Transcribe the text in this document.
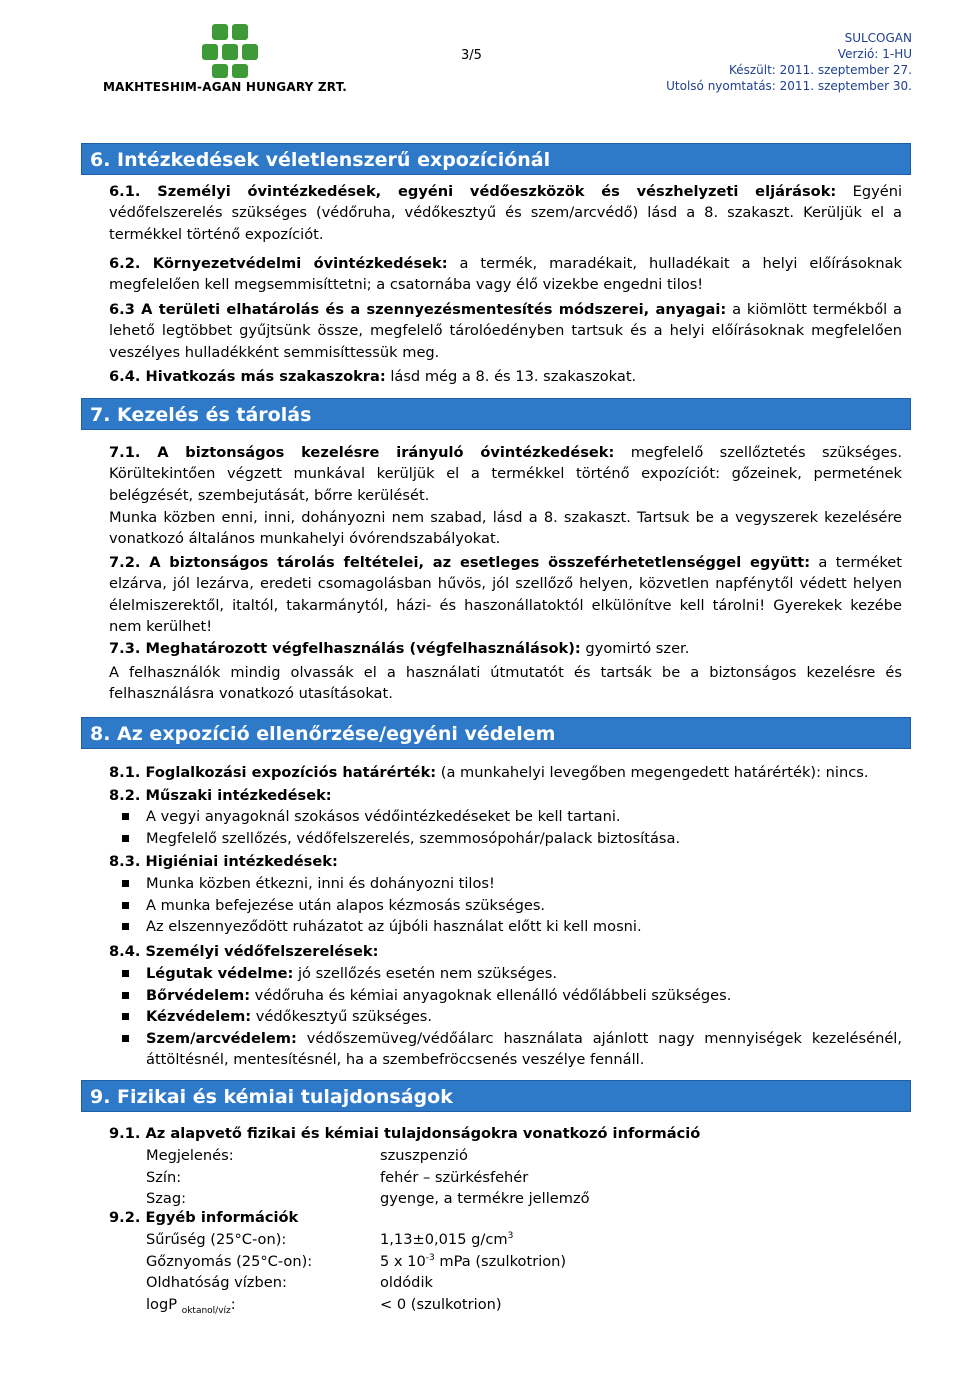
MAKHTESHIM-AGAN HUNGARY ZRT.
3/5
SULCOGAN
Verzió: 1-HU
Készült: 2011. szeptember 27.
Utolsó nyomtatás: 2011. szeptember 30.
6. Intézkedések véletlenszerű expozíciónál
6.1. Személyi óvintézkedések, egyéni védőeszközök és vészhelyzeti eljárások: Egyéni védőfelszerelés szükséges (védőruha, védőkesztyű és szem/arcvédő) lásd a 8. szakaszt. Kerüljük el a termékkel történő expozíciót.
6.2. Környezetvédelmi óvintézkedések: a termék, maradékait, hulladékait a helyi előírásoknak megfelelően kell megsemmisíttetni; a csatornába vagy élő vizekbe engedni tilos!
6.3 A területi elhatárolás és a szennyezésmentesítés módszerei, anyagai: a kiömlött termékből a lehető legtöbbet gyűjtsünk össze, megfelelő tárolóedényben tartsuk és a helyi előírásoknak megfelelően veszélyes hulladékként semmisíttessük meg.
6.4. Hivatkozás más szakaszokra: lásd még a 8. és 13. szakaszokat.
7. Kezelés és tárolás
7.1. A biztonságos kezelésre irányuló óvintézkedések: megfelelő szellőztetés szükséges. Körültekintően végzett munkával kerüljük el a termékkel történő expozíciót: gőzeinek, permetének belégzését, szembejutását, bőrre kerülését.
Munka közben enni, inni, dohányozni nem szabad, lásd a 8. szakaszt. Tartsuk be a vegyszerek kezelésére vonatkozó általános munkahelyi óvórendszabályokat.
7.2. A biztonságos tárolás feltételei, az esetleges összeférhetetlenséggel együtt: a terméket elzárva, jól lezárva, eredeti csomagolásban hűvös, jól szellőző helyen, közvetlen napfénytől védett helyen élelmiszerektől, italtól, takarmánytól, házi- és haszonállatoktól elkülönítve kell tárolni! Gyerekek kezébe nem kerülhet!
7.3. Meghatározott végfelhasználás (végfelhasználások): gyomirtó szer.
A felhasználók mindig olvassák el a használati útmutatót és tartsák be a biztonságos kezelésre és felhasználásra vonatkozó utasításokat.
8. Az expozíció ellenőrzése/egyéni védelem
8.1. Foglalkozási expozíciós határérték: (a munkahelyi levegőben megengedett határérték): nincs.
8.2. Műszaki intézkedések:
A vegyi anyagoknál szokásos védőintézkedéseket be kell tartani.
Megfelelő szellőzés, védőfelszerelés, szemmosópohár/palack biztosítása.
8.3. Higiéniai intézkedések:
Munka közben étkezni, inni és dohányozni tilos!
A munka befejezése után alapos kézmosás szükséges.
Az elszennyeződött ruházatot az újbóli használat előtt ki kell mosni.
8.4. Személyi védőfelszerelések:
Légutak védelme: jó szellőzés esetén nem szükséges.
Bőrvédelem: védőruha és kémiai anyagoknak ellenálló védőlábbeli szükséges.
Kézvédelem: védőkesztyű szükséges.
Szem/arcvédelem: védőszemüveg/védőálarc használata ajánlott nagy mennyiségek kezelésénél, áttöltésnél, mentesítésnél, ha a szembefröccsenés veszélye fennáll.
9. Fizikai és kémiai tulajdonságok
9.1. Az alapvető fizikai és kémiai tulajdonságokra vonatkozó információ
Megjelenés:	szuszpenzió
Szín:	fehér – szürkésfehér
Szag:	gyenge, a termékre jellemző
9.2. Egyéb információk
Sűrűség (25°C-on):	1,13±0,015 $g/cm^3$
Gőznyomás (25°C-on):	5 x $10^{-3}$ mPa (szulkotrion)
Oldhatóság vízben:	oldódik
logP $_{oktanol/víz}$:	< 0 (szulkotrion)
